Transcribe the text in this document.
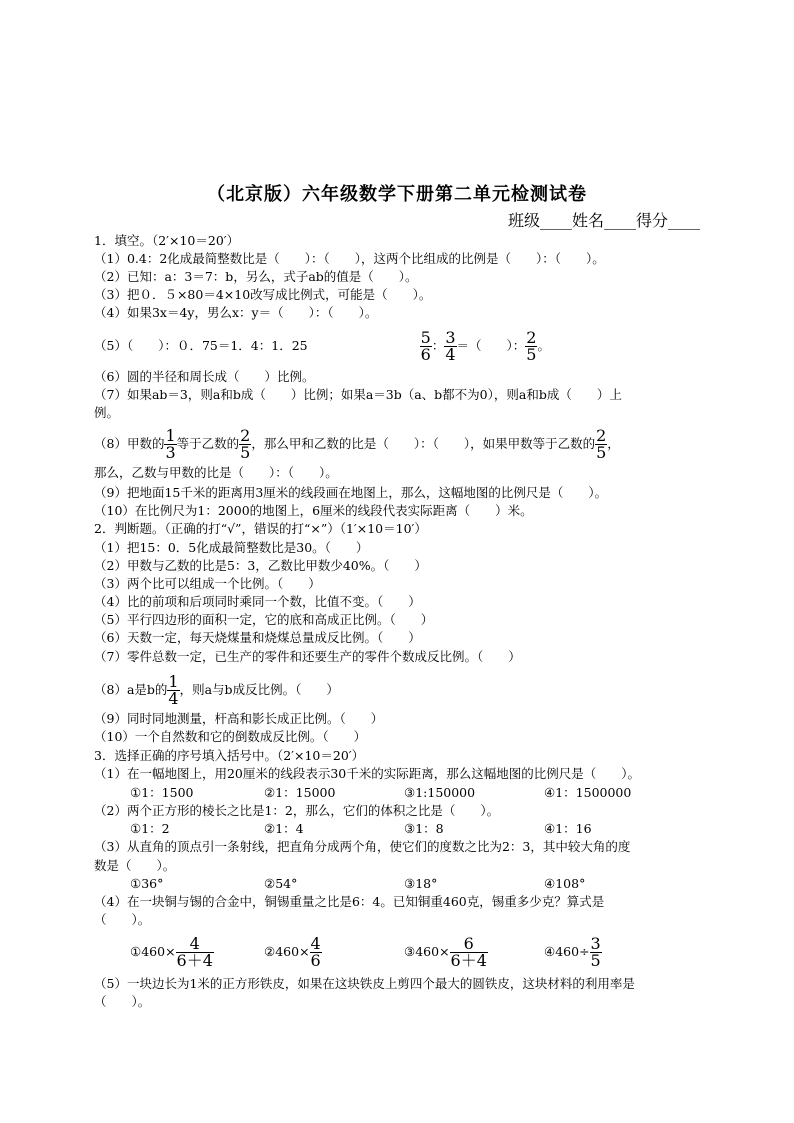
（北京版）六年级数学下册第二单元检测试卷
班级____姓名____得分____
1．填空。（2′×10＝20′）
（1）0.4：2化成最简整数比是（　　）：（　　），这两个比组成的比例是（　　）：（　　）。
（2）已知：a：3＝7：b，另么，式子ab的值是（　　）。
（3）把０．５×80＝4×10改写成比例式，可能是（　　）。
（4）如果3x＝4y，男么x：y＝（　　）：（　　）。
（5）（　　）：０．75＝1．4：1．25	$\frac{5}{6}$ ： $\frac{3}{4}$ ＝（　　）： $\frac{2}{5}$ 。
（6）圆的半径和周长成（　　）比例。
（7）如果ab＝3，则a和b成（　　）比例；如果a＝3b（a、b都不为0），则a和b成（　　）上
例。
（8）甲数的 $\frac{1}{3}$ 等于乙数的 $\frac{2}{5}$ ，那么甲和乙数的比是（　　）：（　　），如果甲数等于乙数的 $\frac{2}{5}$ ，
那么，乙数与甲数的比是（　　）：（　　）。
（9）把地面15千米的距离用3厘米的线段画在地图上，那么，这幅地图的比例尺是（　　）。
（10）在比例尺为1：2000的地图上，6厘米的线段代表实际距离（　　）米。
2．判断题。（正确的打“√”，错误的打“×”）（1′×10＝10′）
（1）把15：0．5化成最简整数比是30。（　　）
（2）甲数与乙数的比是5：3，乙数比甲数少40%。（　　）
（3）两个比可以组成一个比例。（　　）
（4）比的前项和后项同时乘同一个数，比值不变。（　　）
（5）平行四边形的面积一定，它的底和高成正比例。（　　）
（6）天数一定，每天烧煤量和烧煤总量成反比例。（　　）
（7）零件总数一定，已生产的零件和还要生产的零件个数成反比例。（　　）
（8）a是b的 $\frac{1}{4}$ ，则a与b成反比例。（　　）
（9）同时同地测量，杆高和影长成正比例。（　　）
（10）一个自然数和它的倒数成反比例。（　　）
3．选择正确的序号填入括号中。（2′×10＝20′）
（1）在一幅地图上，用20厘米的线段表示30千米的实际距离，那么这幅地图的比例尺是（　　）。
①1：1500	②1：15000	③1:150000	④1：1500000
（2）两个正方形的棱长之比是1：2，那么，它们的体积之比是（　　）。
①1：2	②1：4	③1：8	④1：16
（3）从直角的顶点引一条射线，把直角分成两个角，使它们的度数之比为2：3，其中较大角的度
数是（　　）。
①36°	②54°	③18°	④108°
（4）在一块铜与锡的合金中，铜锡重量之比是6：4。已知铜重460克，锡重多少克？算式是
（　　）。
①460× $\frac{4}{6+4}$	②460× $\frac{4}{6}$	③460× $\frac{6}{6+4}$	④460÷ $\frac{3}{5}$
（5）一块边长为1米的正方形铁皮，如果在这块铁皮上剪四个最大的圆铁皮，这块材料的利用率是
（　　）。
